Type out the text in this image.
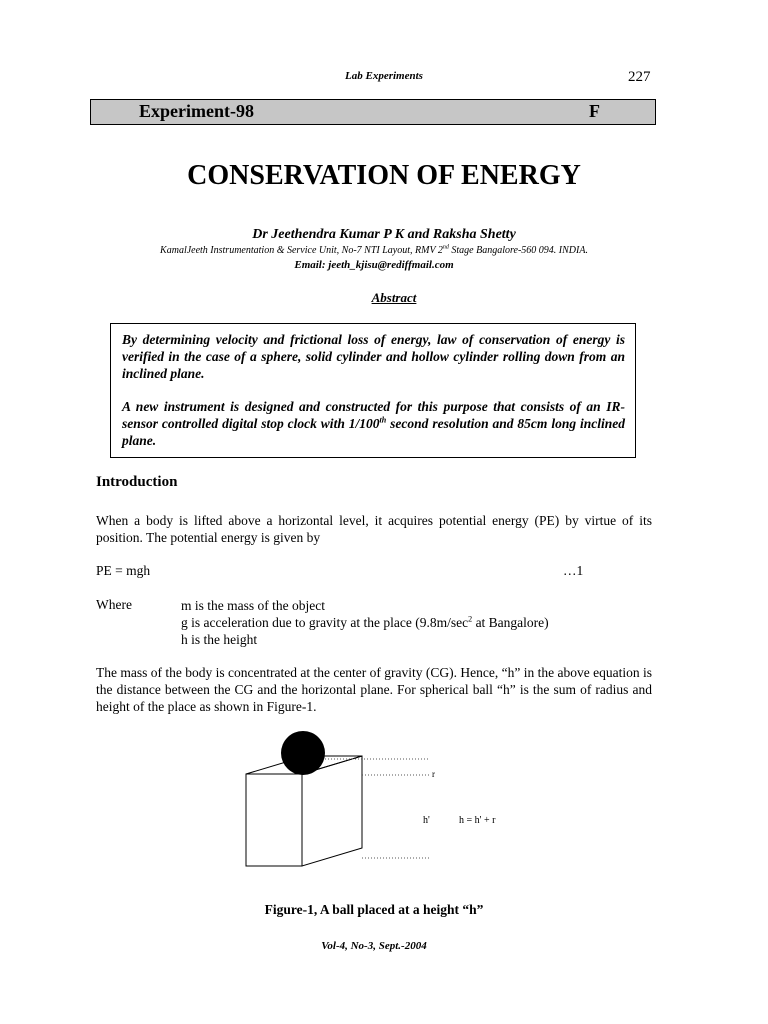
Lab Experiments	227
Experiment-98	F
CONSERVATION OF ENERGY
Dr Jeethendra Kumar P K and Raksha Shetty
KamalJeeth Instrumentation & Service Unit, No-7 NTI Layout, RMV 2nd Stage Bangalore-560 094. INDIA.
Email: jeeth_kjisu@rediffmail.com
Abstract

By determining velocity and frictional loss of energy, law of conservation of energy is verified in the case of a sphere, solid cylinder and hollow cylinder rolling down from an inclined plane.

A new instrument is designed and constructed for this purpose that consists of an IR-sensor controlled digital stop clock with 1/100th second resolution and 85cm long inclined plane.

Introduction
When a body is lifted above a horizontal level, it acquires potential energy (PE) by virtue of its position. The potential energy is given by
PE = mgh	…1
Where	m is the mass of the object
g is acceleration due to gravity at the place ($9.8m/\sec^2$ at Bangalore)
h is the height
The mass of the body is concentrated at the center of gravity (CG). Hence, “h” in the above equation is the distance between the CG and the horizontal plane. For spherical ball “h” is the sum of radius and height of the place as shown in Figure-1.
r
h'	h = h' + r
Figure-1, A ball placed at a height “h”
Vol-4, No-3, Sept.-2004
